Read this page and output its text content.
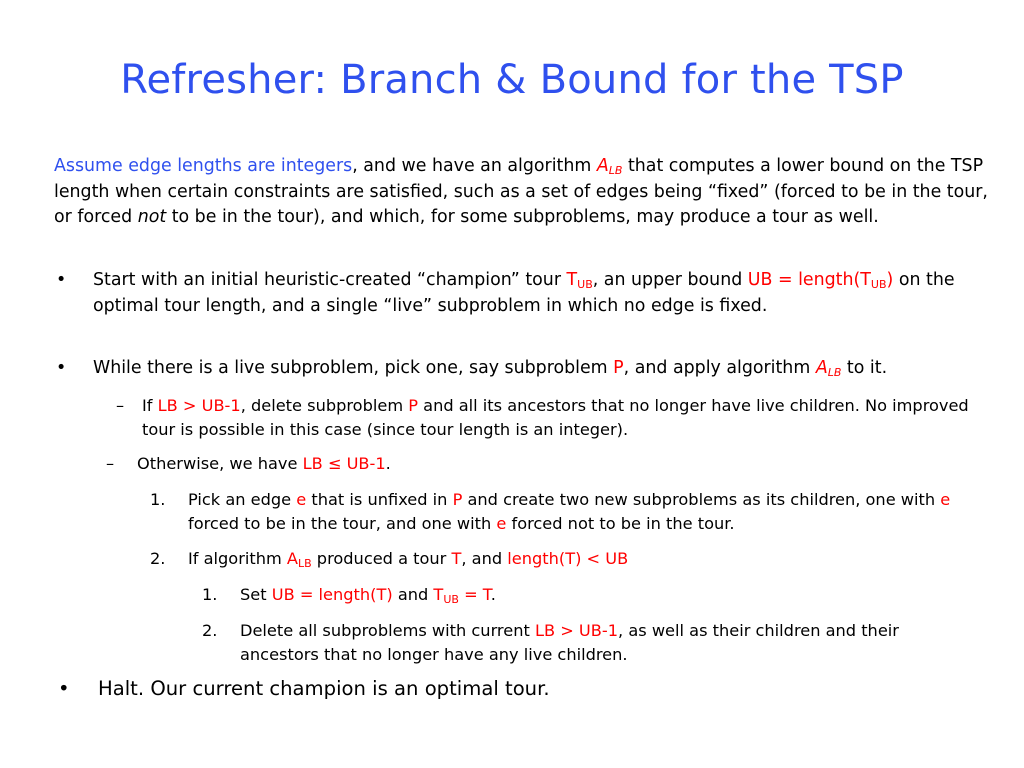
Refresher: Branch & Bound for the TSP

Assume edge lengths are integers, and we have an algorithm $A_{LB}$ that computes a lower bound on the TSP length when certain constraints are satisfied, such as a set of edges being “fixed” (forced to be in the tour, or forced not to be in the tour), and which, for some subproblems, may produce a tour as well.

• Start with an initial heuristic-created “champion” tour $T_{UB}$, an upper bound UB = $length(T_{UB})$ on the optimal tour length, and a single “live” subproblem in which no edge is fixed.
• While there is a live subproblem, pick one, say subproblem P, and apply algorithm $A_{LB}$ to it.
– If LB > UB-1, delete subproblem P and all its ancestors that no longer have live children. No improved tour is possible in this case (since tour length is an integer).
– Otherwise, we have LB ≤ UB-1.
1. Pick an edge e that is unfixed in P and create two new subproblems as its children, one with e forced to be in the tour, and one with e forced not to be in the tour.
2. If algorithm $A_{LB}$ produced a tour T, and length(T) < UB
1. Set UB = length(T) and $T_{UB} = T$.
2. Delete all subproblems with current LB > UB-1, as well as their children and their ancestors that no longer have any live children.
• Halt. Our current champion is an optimal tour.
